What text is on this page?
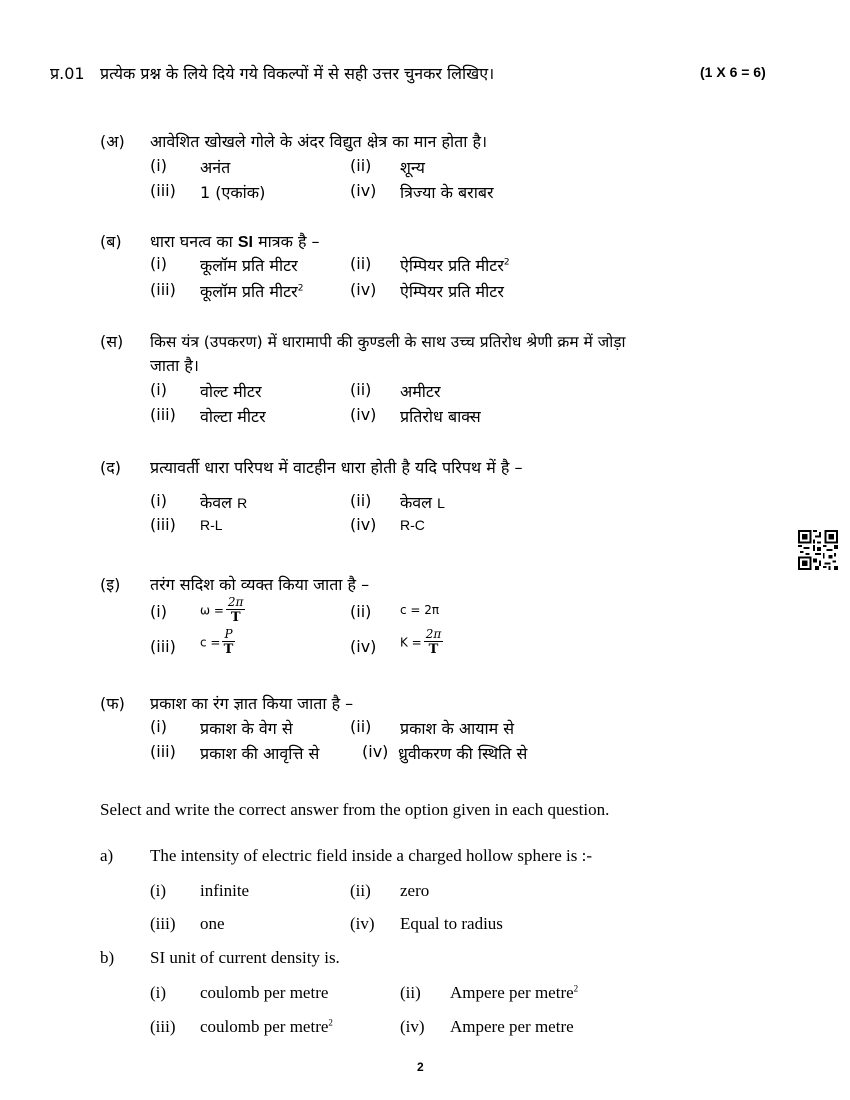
प्र.01 प्रत्येक प्रश्न के लिये दिये गये विकल्पों में से सही उत्तर चुनकर लिखिए।	(1 X 6 = 6)
(अ) आवेशित खोखले गोले के अंदर विद्युत क्षेत्र का मान होता है।
(i) अनंत	(ii) शून्य
(iii) 1 (एकांक)	(iv) त्रिज्या के बराबर
(ब) धारा घनत्व का SI मात्रक है –
(i) कूलॉम प्रति मीटर	(ii) ऐम्पियर प्रति मीटर$^2$
(iii) कूलॉम प्रति मीटर$^2$	(iv) ऐम्पियर प्रति मीटर
(स) किस यंत्र (उपकरण) में धारामापी की कुण्डली के साथ उच्च प्रतिरोध श्रेणी क्रम में जोड़ा
जाता है।
(i) वोल्ट मीटर	(ii) अमीटर
(iii) वोल्टा मीटर	(iv) प्रतिरोध बाक्स
(द) प्रत्यावर्ती धारा परिपथ में वाटहीन धारा होती है यदि परिपथ में है –
(i) केवल R	(ii) केवल L
(iii) R-L	(iv) R-C
(इ) तरंग सदिश को व्यक्त किया जाता है –
(i)	$\omega = \frac{2\pi}{T}$	(ii) c = 2π
(iii) $c = \frac{P}{T}$	(iv) $K = \frac{2\pi}{T}$
(फ) प्रकाश का रंग ज्ञात किया जाता है –
(i) प्रकाश के वेग से	(ii) प्रकाश के आयाम से
(iii) प्रकाश की आवृत्ति से	(iv) ध्रुवीकरण की स्थिति से
Select and write the correct answer from the option given in each question.
a) The intensity of electric field inside a charged hollow sphere is :-
(i) infinite	(ii) zero
(iii) one	(iv) Equal to radius
b) SI unit of current density is.
(i) coulomb per metre	(ii) Ampere per metre$^2$
(iii) coulomb per metre$^2$	(iv) Ampere per metre
2
